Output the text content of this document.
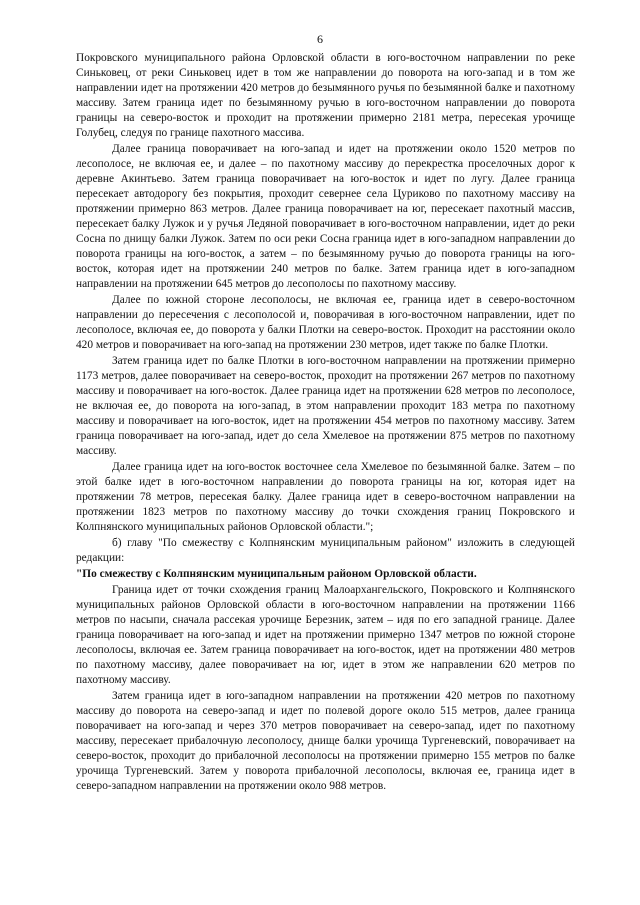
6

Покровского муниципального района Орловской области в юго-восточном направлении по реке Синьковец, от реки Синьковец идет в том же направлении до поворота на юго-запад и в том же направлении идет на протяжении 420 метров до безымянного ручья по безымянной балке и пахотному массиву. Затем граница идет по безымянному ручью в юго-восточном направлении до поворота границы на северо-восток и проходит на протяжении примерно 2181 метра, пересекая урочище Голубец, следуя по границе пахотного массива.

Далее граница поворачивает на юго-запад и идет на протяжении около 1520 метров по лесополосе, не включая ее, и далее – по пахотному массиву до перекрестка проселочных дорог к деревне Акинтьево. Затем граница поворачивает на юго-восток и идет по лугу. Далее граница пересекает автодорогу без покрытия, проходит севернее села Цуриково по пахотному массиву на протяжении примерно 863 метров. Далее граница поворачивает на юг, пересекает пахотный массив, пересекает балку Лужок и у ручья Ледяной поворачивает в юго-восточном направлении, идет до реки Сосна по днищу балки Лужок. Затем по оси реки Сосна граница идет в юго-западном направлении до поворота границы на юго-восток, а затем – по безымянному ручью до поворота границы на юго-восток, которая идет на протяжении 240 метров по балке. Затем граница идет в юго-западном направлении на протяжении 645 метров до лесополосы по пахотному массиву.

Далее по южной стороне лесополосы, не включая ее, граница идет в северо-восточном направлении до пересечения с лесополосой и, поворачивая в юго-восточном направлении, идет по лесополосе, включая ее, до поворота у балки Плотки на северо-восток. Проходит на расстоянии около 420 метров и поворачивает на юго-запад на протяжении 230 метров, идет также по балке Плотки.

Затем граница идет по балке Плотки в юго-восточном направлении на протяжении примерно 1173 метров, далее поворачивает на северо-восток, проходит на протяжении 267 метров по пахотному массиву и поворачивает на юго-восток. Далее граница идет на протяжении 628 метров по лесополосе, не включая ее, до поворота на юго-запад, в этом направлении проходит 183 метра по пахотному массиву и поворачивает на юго-восток, идет на протяжении 454 метров по пахотному массиву. Затем граница поворачивает на юго-запад, идет до села Хмелевое на протяжении 875 метров по пахотному массиву.

Далее граница идет на юго-восток восточнее села Хмелевое по безымянной балке. Затем – по этой балке идет в юго-восточном направлении до поворота границы на юг, которая идет на протяжении 78 метров, пересекая балку. Далее граница идет в северо-восточном направлении на протяжении 1823 метров по пахотному массиву до точки схождения границ Покровского и Колпнянского муниципальных районов Орловской области.";

б) главу "По смежеству с Колпнянским муниципальным районом" изложить в следующей редакции:

"По смежеству с Колпнянским муниципальным районом Орловской области.

Граница идет от точки схождения границ Малоархангельского, Покровского и Колпнянского муниципальных районов Орловской области в юго-восточном направлении на протяжении 1166 метров по насыпи, сначала рассекая урочище Березник, затем – идя по его западной границе. Далее граница поворачивает на юго-запад и идет на протяжении примерно 1347 метров по южной стороне лесополосы, включая ее. Затем граница поворачивает на юго-восток, идет на протяжении 480 метров по пахотному массиву, далее поворачивает на юг, идет в этом же направлении 620 метров по пахотному массиву.

Затем граница идет в юго-западном направлении на протяжении 420 метров по пахотному массиву до поворота на северо-запад и идет по полевой дороге около 515 метров, далее граница поворачивает на юго-запад и через 370 метров поворачивает на северо-запад, идет по пахотному массиву, пересекает прибалочную лесополосу, днище балки урочища Тургеневский, поворачивает на северо-восток, проходит до прибалочной лесополосы на протяжении примерно 155 метров по балке урочища Тургеневский. Затем у поворота прибалочной лесополосы, включая ее, граница идет в северо-западном направлении на протяжении около 988 метров.
